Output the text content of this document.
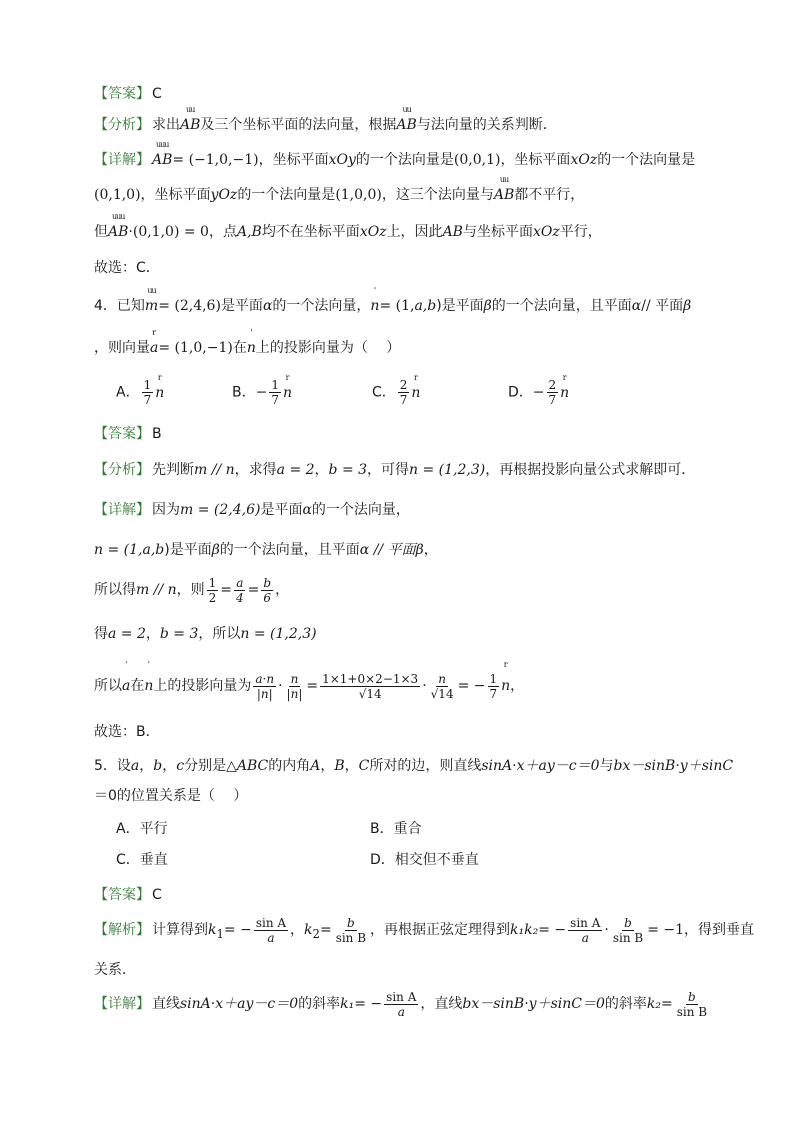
【答案】 C
【分析】 求出uu AB及三个坐标平面的法向量，根据uu AB与法向量的关系判断．
【详解】 uuu AB= (−1,0,−1)，坐标平面xOy的一个法向量是(0,0,1)，坐标平面xOz的一个法向量是
(0,1,0)，坐标平面yOz的一个法向量是(1,0,0)，这三个法向量与uu AB都不平行，
但uuu AB·(0,1,0) = 0，点A,B均不在坐标平面xOz上，因此AB与坐标平面xOz平行，
故选：C．
4．已知uu m= (2,4,6)是平面α的一个法向量，' n= (1,a,b)是平面β的一个法向量，且平面α// 平面β
，则向量r a= (1,0,−1)在' n上的投影向量为（　 ）
A． $\frac{1}{7}$ r n	B．− $\frac{1}{7}$ r n	C． $\frac{2}{7}$ r n	D．− $\frac{2}{7}$ r n
【答案】 B
【分析】 先判断m // n，求得a = 2，b = 3，可得n = (1,2,3)，再根据投影向量公式求解即可．
【详解】 因为m = (2,4,6)是平面α的一个法向量，
n = (1,a,b)是平面β的一个法向量，且平面α // 平面β，
所以得m // n，则 $\frac{1}{2} = \frac{a}{4} = \frac{b}{6}$ ，
得a = 2，b = 3，所以n = (1,2,3)
所以' a在' n上的投影向量为 $\frac{a\cdot n}{|n|} \cdot \frac{n}{|n|} = \frac{1\times 1+0\times 2-1\times 3}{√14} \cdot \frac{n}{√14}$ = − $\frac{1}{7}$ r n，
故选：B．
5．设a，b，c分别是△ABC的内角A，B，C所对的边，则直线sinA·x＋ay－c＝0与bx－sinB·y＋sinC
＝0的位置关系是（　 ）
A．平行	B．重合
C．垂直	D．相交但不垂直
【答案】 C
【解析】 计算得到$k_1= - \frac{\text{sin A}}{a}$ ，$k_2= \frac{b}{\text{sin B}}$ ，再根据正弦定理得到$k_1k_2= - \frac{\text{sin A}}{a} \cdot \frac{b}{\text{sin B}} = -1$，得到垂直
关系．
【详解】 直线sinA·x＋ay－c＝0的斜率$k_1= - \frac{\text{sin A}}{a}$ ，直线bx－sinB·y＋sinC＝0的斜率$k_2= \frac{b}{\text{sin B}}$
